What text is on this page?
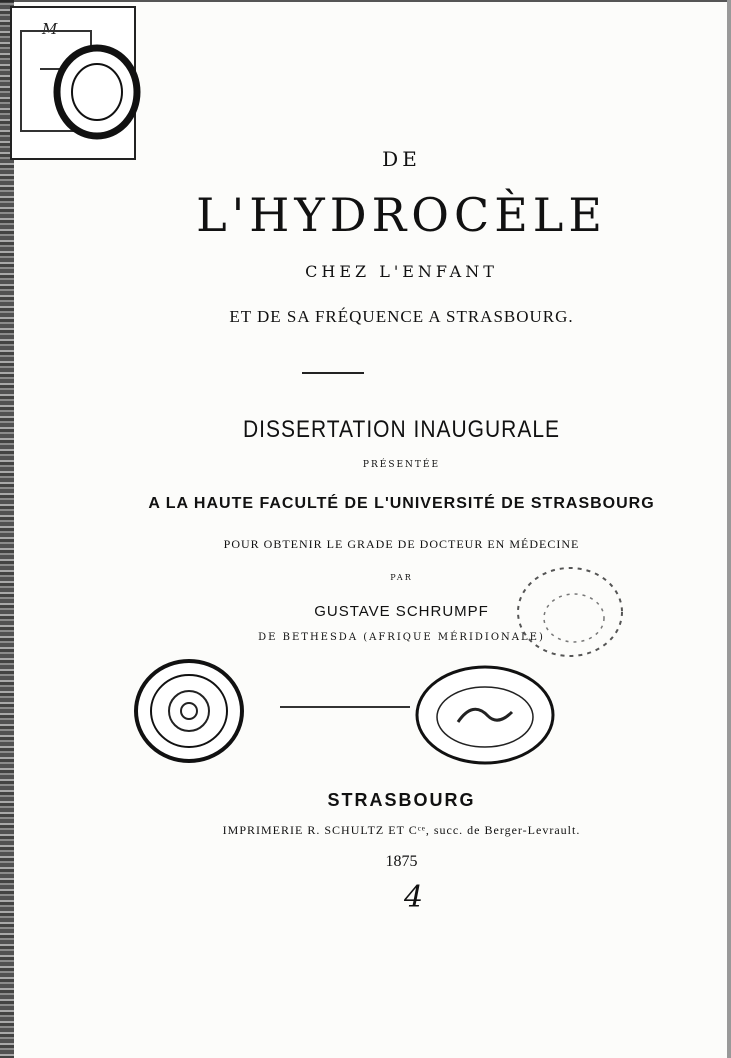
M
DE
L'HYDROCÈLE
CHEZ L'ENFANT
ET DE SA FRÉQUENCE A STRASBOURG.
DISSERTATION INAUGURALE
PRÉSENTÉE
A LA HAUTE FACULTÉ DE L'UNIVERSITÉ DE STRASBOURG
POUR OBTENIR LE GRADE DE DOCTEUR EN MÉDECINE
PAR
GUSTAVE SCHRUMPF
DE BETHESDA (AFRIQUE MÉRIDIONALE)
STRASBOURG
IMPRIMERIE R. SCHULTZ ET Cᶜᵉ, succ. de Berger-Levrault.
1875
4
